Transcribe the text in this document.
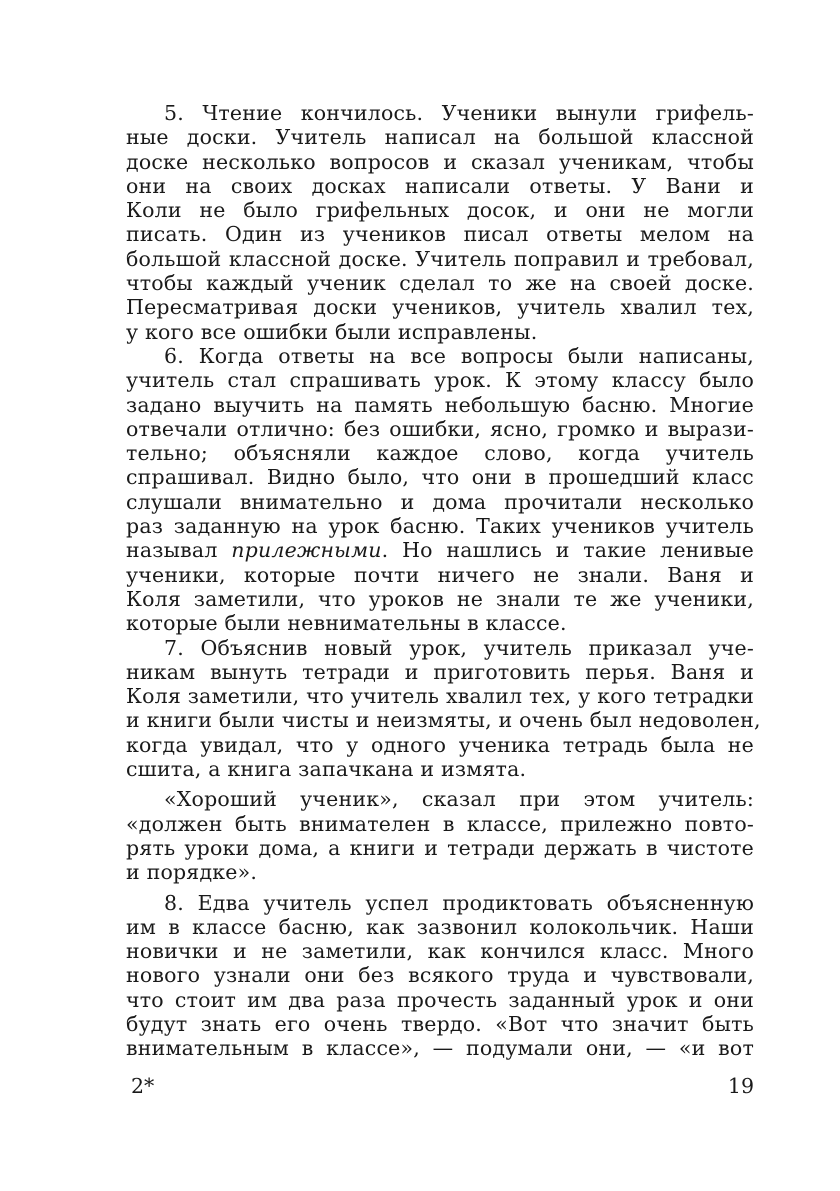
5. Чтение кончилось. Ученики вынули грифель-
ные доски. Учитель написал на большой классной
доске несколько вопросов и сказал ученикам, чтобы
они на своих досках написали ответы. У Вани и
Коли не было грифельных досок, и они не могли
писать. Один из учеников писал ответы мелом на
большой классной доске. Учитель поправил и требовал,
чтобы каждый ученик сделал то же на своей доске.
Пересматривая доски учеников, учитель хвалил тех,
у кого все ошибки были исправлены.
6. Когда ответы на все вопросы были написаны,
учитель стал спрашивать урок. К этому классу было
задано выучить на память небольшую басню. Многие
отвечали отлично: без ошибки, ясно, громко и вырази-
тельно; объясняли каждое слово, когда учитель
спрашивал. Видно было, что они в прошедший класс
слушали внимательно и дома прочитали несколько
раз заданную на урок басню. Таких учеников учитель
называл прилежными. Но нашлись и такие ленивые
ученики, которые почти ничего не знали. Ваня и
Коля заметили, что уроков не знали те же ученики,
которые были невнимательны в классе.
7. Объяснив новый урок, учитель приказал уче-
никам вынуть тетради и приготовить перья. Ваня и
Коля заметили, что учитель хвалил тех, у кого тетрадки
и книги были чисты и неизмяты, и очень был недоволен,
когда увидал, что у одного ученика тетрадь была не
сшита, а книга запачкана и измята.
«Хороший ученик», сказал при этом учитель:
«должен быть внимателен в классе, прилежно повто-
рять уроки дома, а книги и тетради держать в чистоте
и порядке».
8. Едва учитель успел продиктовать объясненную
им в классе басню, как зазвонил колокольчик. Наши
новички и не заметили, как кончился класс. Много
нового узнали они без всякого труда и чувствовали,
что стоит им два раза прочесть заданный урок и они
будут знать его очень твердо. «Вот что значит быть
внимательным в классе», — подумали они, — «и вот
2*	19
